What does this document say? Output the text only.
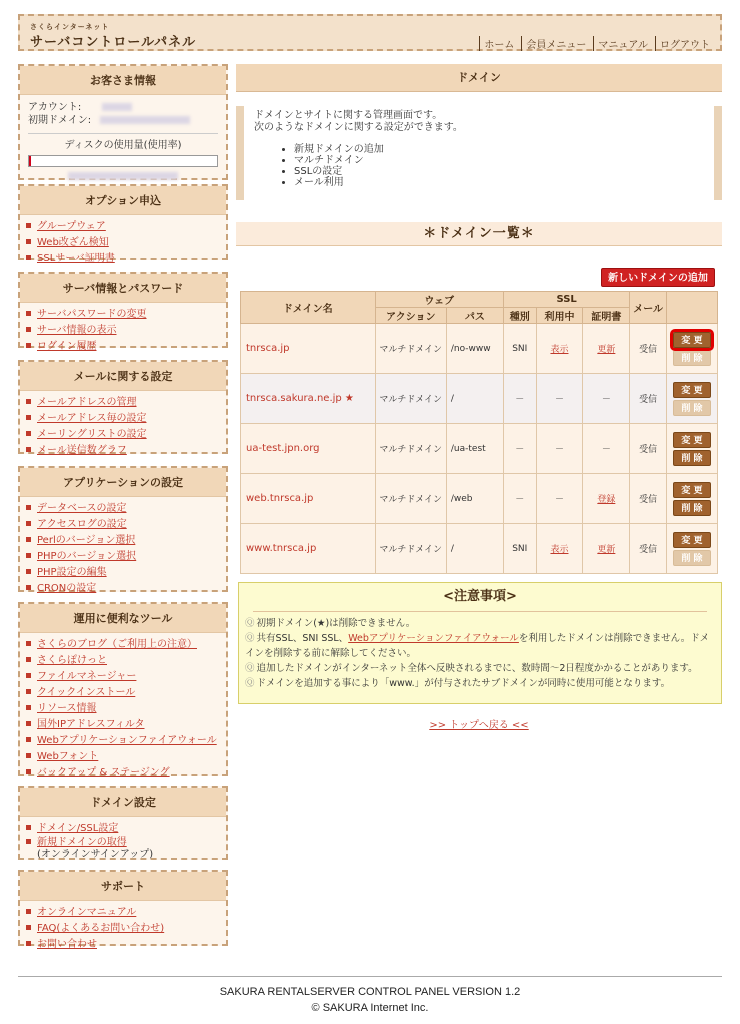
さくらインターネット
サーバコントロールパネル	ホーム	会員メニュー	マニュアル	ログアウト
お客さま情報
アカウント:
初期ドメイン:
ディスクの使用量(使用率)
オプション申込
グループウェア
Web改ざん検知
SSLサーバ証明書
サーバ情報とパスワード
サーバパスワードの変更
サーバ情報の表示
ログイン履歴
メールに関する設定
メールアドレスの管理
メールアドレス毎の設定
メーリングリストの設定
メール送信数グラフ
アプリケーションの設定
データベースの設定
アクセスログの設定
Perlのバージョン選択
PHPのバージョン選択
PHP設定の編集
CRONの設定
運用に便利なツール
さくらのブログ（ご利用上の注意）
さくらぽけっと
ファイルマネージャー
クイックインストール
リソース情報
国外IPアドレスフィルタ
Webアプリケーションファイアウォール
Webフォント
バックアップ & ステージング
ドメイン設定
ドメイン/SSL設定
新規ドメインの取得
(オンラインサインアップ)
サポート
オンラインマニュアル
FAQ(よくあるお問い合わせ)
お問い合わせ
ドメイン
ドメインとサイトに関する管理画面です。
次のようなドメインに関する設定ができます。
• 新規ドメインの追加
• マルチドメイン
• SSLの設定
• メール利用
＊ドメイン一覧＊
新しいドメインの追加
ドメイン名	ウェブ		SSL			メール	
	アクション	パス	種別	利用中	証明書		
tnrsca.jp	マルチドメイン	/no-www	SNI	表示	更新	受信	変 更
削 除

tnrsca.sakura.ne.jp ★	マルチドメイン	/	－	－	－	受信	変 更
削 除

ua-test.jpn.org	マルチドメイン	/ua-test	－	－	－	受信	変 更
削 除

web.tnrsca.jp	マルチドメイン	/web	－	－	登録	受信	変 更
削 除

www.tnrsca.jp	マルチドメイン	/	SNI	表示	更新	受信	変 更
削 除
<注意事項>

Ⓠ 初期ドメイン(★)は削除できません。

Ⓠ 共有SSL、SNI SSL、Webアプリケーションファイアウォールを利用したドメインは削除できません。ドメインを削除する前に解除してください。

Ⓠ 追加したドメインがインターネット全体へ反映されるまでに、数時間〜2日程度かかることがあります。

Ⓠ ドメインを追加する事により「www.」が付与されたサブドメインが同時に使用可能となります。

>> トップへ戻る <<
SAKURA RENTALSERVER CONTROL PANEL VERSION 1.2
© SAKURA Internet Inc.
